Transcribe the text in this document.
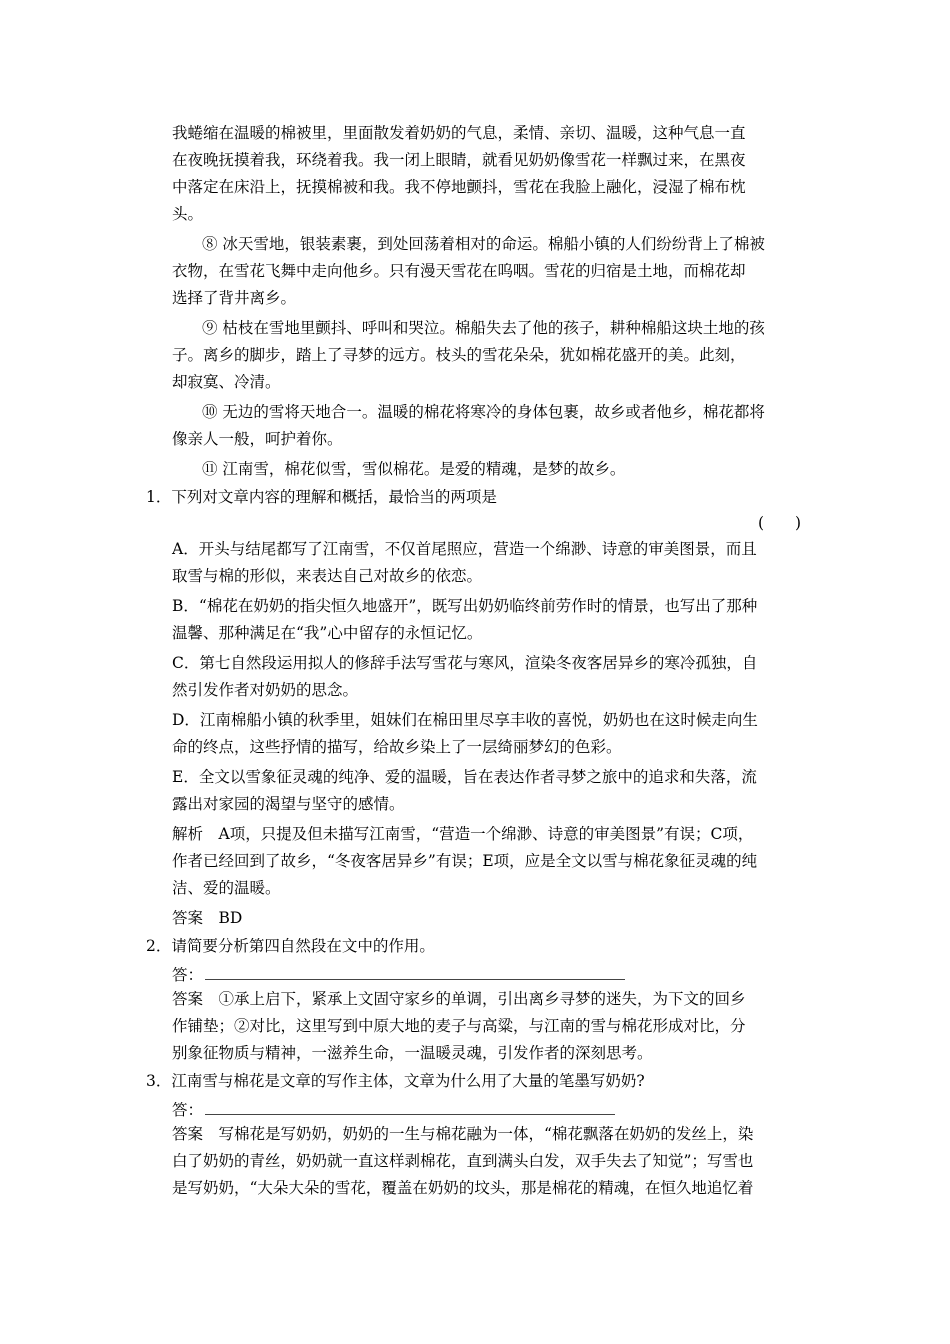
我蜷缩在温暖的棉被里，里面散发着奶奶的气息，柔情、亲切、温暖，这种气息一直
在夜晚抚摸着我，环绕着我。我一闭上眼睛，就看见奶奶像雪花一样飘过来，在黑夜
中落定在床沿上，抚摸棉被和我。我不停地颤抖，雪花在我脸上融化，浸湿了棉布枕
头。
⑧ 冰天雪地，银装素裹，到处回荡着相对的命运。棉船小镇的人们纷纷背上了棉被
衣物，在雪花飞舞中走向他乡。只有漫天雪花在呜咽。雪花的归宿是土地，而棉花却
选择了背井离乡。
⑨ 枯枝在雪地里颤抖、呼叫和哭泣。棉船失去了他的孩子，耕种棉船这块土地的孩
子。离乡的脚步，踏上了寻梦的远方。枝头的雪花朵朵，犹如棉花盛开的美。此刻，
却寂寞、冷清。
⑩ 无边的雪将天地合一。温暖的棉花将寒冷的身体包裹，故乡或者他乡，棉花都将
像亲人一般，呵护着你。
⑪ 江南雪，棉花似雪，雪似棉花。是爱的精魂，是梦的故乡。
1．下列对文章内容的理解和概括，最恰当的两项是
(　　)
A．开头与结尾都写了江南雪，不仅首尾照应，营造一个绵渺、诗意的审美图景，而且
取雪与棉的形似，来表达自己对故乡的依恋。
B．“棉花在奶奶的指尖恒久地盛开”，既写出奶奶临终前劳作时的情景，也写出了那种
温馨、那种满足在“我”心中留存的永恒记忆。
C．第七自然段运用拟人的修辞手法写雪花与寒风，渲染冬夜客居异乡的寒冷孤独，自
然引发作者对奶奶的思念。
D．江南棉船小镇的秋季里，姐妹们在棉田里尽享丰收的喜悦，奶奶也在这时候走向生
命的终点，这些抒情的描写，给故乡染上了一层绮丽梦幻的色彩。
E．全文以雪象征灵魂的纯净、爱的温暖，旨在表达作者寻梦之旅中的追求和失落，流
露出对家园的渴望与坚守的感情。
解析　A项，只提及但未描写江南雪，“营造一个绵渺、诗意的审美图景”有误；C项，
作者已经回到了故乡，“冬夜客居异乡”有误；E项，应是全文以雪与棉花象征灵魂的纯
洁、爱的温暖。
答案　BD
2．请简要分析第四自然段在文中的作用。
答：
答案　①承上启下，紧承上文固守家乡的单调，引出离乡寻梦的迷失，为下文的回乡
作铺垫；②对比，这里写到中原大地的麦子与高粱，与江南的雪与棉花形成对比，分
别象征物质与精神，一滋养生命，一温暖灵魂，引发作者的深刻思考。
3．江南雪与棉花是文章的写作主体，文章为什么用了大量的笔墨写奶奶?
答：
答案　写棉花是写奶奶，奶奶的一生与棉花融为一体，“棉花飘落在奶奶的发丝上，染
白了奶奶的青丝，奶奶就一直这样剥棉花，直到满头白发，双手失去了知觉”；写雪也
是写奶奶，“大朵大朵的雪花，覆盖在奶奶的坟头，那是棉花的精魂，在恒久地追忆着
